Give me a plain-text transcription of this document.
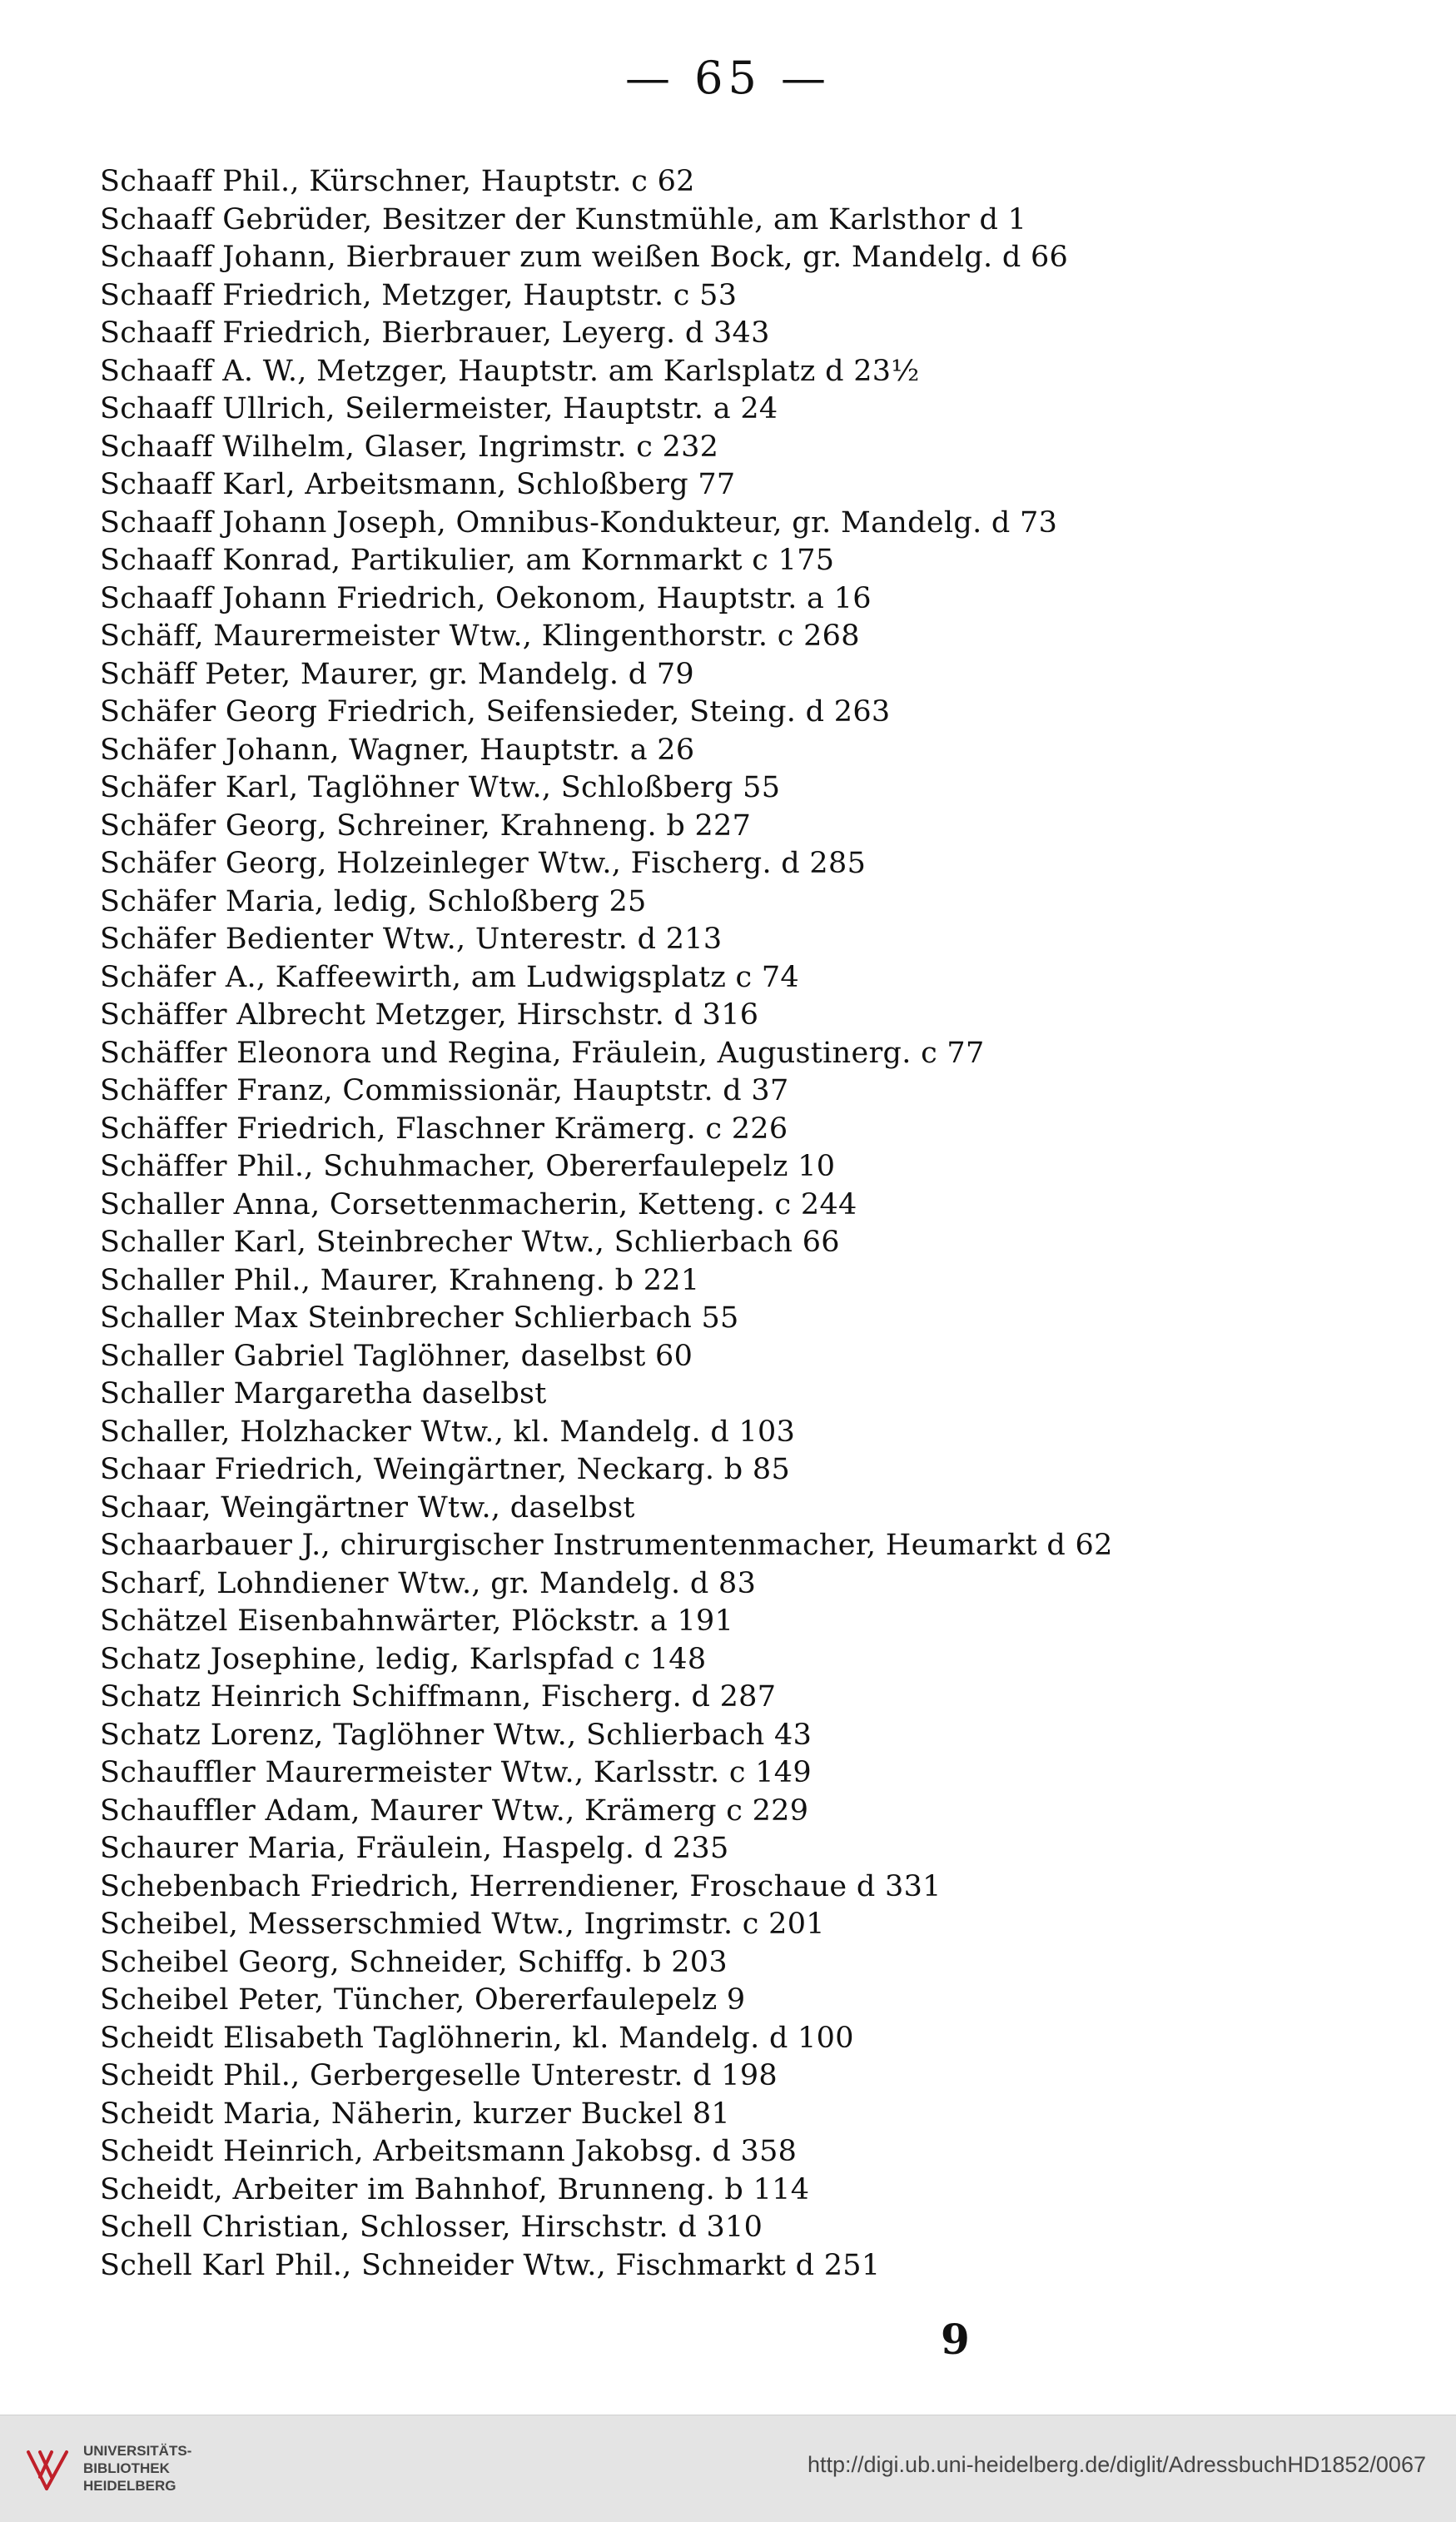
— 65 —
Schaaff Phil., Kürschner, Hauptstr. c 62
Schaaff Gebrüder, Besitzer der Kunstmühle, am Karlsthor d 1
Schaaff Johann, Bierbrauer zum weißen Bock, gr. Mandelg. d 66
Schaaff Friedrich, Metzger, Hauptstr. c 53
Schaaff Friedrich, Bierbrauer, Leyerg. d 343
Schaaff A. W., Metzger, Hauptstr. am Karlsplatz d 23½
Schaaff Ullrich, Seilermeister, Hauptstr. a 24
Schaaff Wilhelm, Glaser, Ingrimstr. c 232
Schaaff Karl, Arbeitsmann, Schloßberg 77
Schaaff Johann Joseph, Omnibus-Kondukteur, gr. Mandelg. d 73
Schaaff Konrad, Partikulier, am Kornmarkt c 175
Schaaff Johann Friedrich, Oekonom, Hauptstr. a 16
Schäff, Maurermeister Wtw., Klingenthorstr. c 268
Schäff Peter, Maurer, gr. Mandelg. d 79
Schäfer Georg Friedrich, Seifensieder, Steing. d 263
Schäfer Johann, Wagner, Hauptstr. a 26
Schäfer Karl, Taglöhner Wtw., Schloßberg 55
Schäfer Georg, Schreiner, Krahneng. b 227
Schäfer Georg, Holzeinleger Wtw., Fischerg. d 285
Schäfer Maria, ledig, Schloßberg 25
Schäfer Bedienter Wtw., Unterestr. d 213
Schäfer A., Kaffeewirth, am Ludwigsplatz c 74
Schäffer Albrecht Metzger, Hirschstr. d 316
Schäffer Eleonora und Regina, Fräulein, Augustinerg. c 77
Schäffer Franz, Commissionär, Hauptstr. d 37
Schäffer Friedrich, Flaschner Krämerg. c 226
Schäffer Phil., Schuhmacher, Obererfaulepelz 10
Schaller Anna, Corsettenmacherin, Ketteng. c 244
Schaller Karl, Steinbrecher Wtw., Schlierbach 66
Schaller Phil., Maurer, Krahneng. b 221
Schaller Max Steinbrecher Schlierbach 55
Schaller Gabriel Taglöhner, daselbst 60
Schaller Margaretha daselbst
Schaller, Holzhacker Wtw., kl. Mandelg. d 103
Schaar Friedrich, Weingärtner, Neckarg. b 85
Schaar, Weingärtner Wtw., daselbst
Schaarbauer J., chirurgischer Instrumentenmacher, Heumarkt d 62
Scharf, Lohndiener Wtw., gr. Mandelg. d 83
Schätzel Eisenbahnwärter, Plöckstr. a 191
Schatz Josephine, ledig, Karlspfad c 148
Schatz Heinrich Schiffmann, Fischerg. d 287
Schatz Lorenz, Taglöhner Wtw., Schlierbach 43
Schauffler Maurermeister Wtw., Karlsstr. c 149
Schauffler Adam, Maurer Wtw., Krämerg c 229
Schaurer Maria, Fräulein, Haspelg. d 235
Schebenbach Friedrich, Herrendiener, Froschaue d 331
Scheibel, Messerschmied Wtw., Ingrimstr. c 201
Scheibel Georg, Schneider, Schiffg. b 203
Scheibel Peter, Tüncher, Obererfaulepelz 9
Scheidt Elisabeth Taglöhnerin, kl. Mandelg. d 100
Scheidt Phil., Gerbergeselle Unterestr. d 198
Scheidt Maria, Näherin, kurzer Buckel 81
Scheidt Heinrich, Arbeitsmann Jakobsg. d 358
Scheidt, Arbeiter im Bahnhof, Brunneng. b 114
Schell Christian, Schlosser, Hirschstr. d 310
Schell Karl Phil., Schneider Wtw., Fischmarkt d 251
9
UNIVERSITÄTS-
BIBLIOTHEK
HEIDELBERG
http://digi.ub.uni-heidelberg.de/diglit/AdressbuchHD1852/0067
